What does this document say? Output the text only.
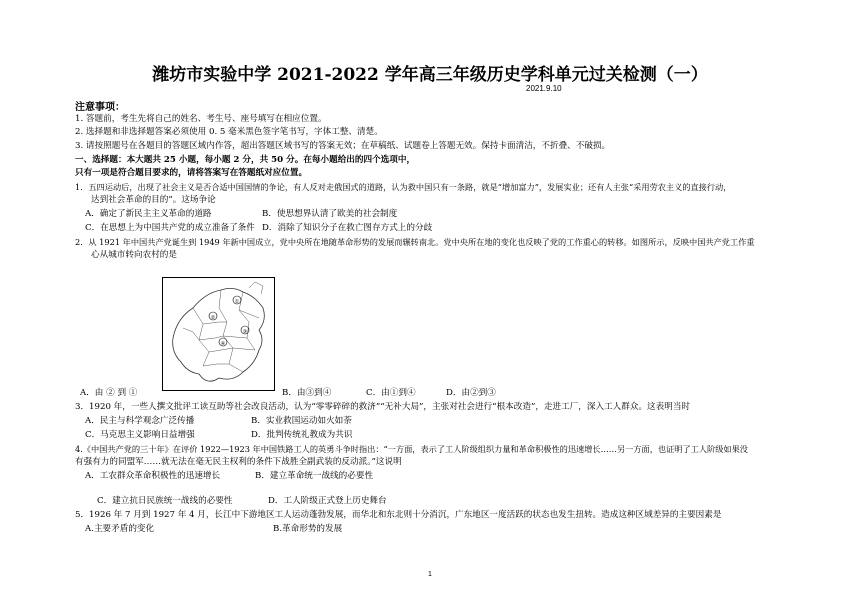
潍坊市实验中学 2021-2022 学年高三年级历史学科单元过关检测（一）
2021.9.10
注意事项：
1. 答题前，考生先将自己的姓名、考生号、座号填写在相应位置。
2. 选择题和非选择题答案必须使用 0. 5 毫米黑色签字笔书写，字体工整、清楚。
3. 请按照题号在各题目的答题区域内作答，超出答题区域书写的答案无效；在草稿纸、试题卷上答题无效。保持卡面清洁，不折叠、不破损。
一、选择题：本大题共 25 小题，每小题 2 分，共 50 分。在每小题给出的四个选项中，
只有一项是符合题目要求的，请将答案写在答题纸对应位置。
1．五四运动后，出现了社会主义是否合适中国国情的争论，有人反对走俄国式的道路，认为救中国只有一条路，就是“增加富力”，发展实业；还有人主张“采用劳农主义的直接行动，
达到社会革命的目的”。这场争论
A．确定了新民主主义革命的道路	B．使思想界认清了欧美的社会制度
C．在思想上为中国共产党的成立准备了条件 D．消除了知识分子在救亡图存方式上的分歧
2．从 1921 年中国共产党诞生到 1949 年新中国成立，党中央所在地随革命形势的发展而辗转南北。党中央所在地的变化也反映了党的工作重心的转移。如图所示，反映中国共产党工作重
心从城市转向农村的是
①
②
③
④
A．由 ② 到 ①	B．由③到④	C．由①到④	D．由②到③
3．1920 年，一些人撰文批评工读互助等社会改良活动，认为“零零碎碎的救济”“无补大局”，主张对社会进行“根本改造”，走进工厂，深入工人群众。这表明当时
A．民主与科学观念广泛传播	B．实业救国运动如火如荼
C．马克思主义影响日益增强	D．批判传统礼教成为共识
4.《中国共产党的三十年》在评价 1922—1923 年中国铁路工人的英勇斗争时指出：“一方面，表示了工人阶级组织力量和革命积极性的迅速增长……另一方面，也证明了工人阶级如果没
有强有力的同盟军……就无法在毫无民主权利的条件下战胜全副武装的反动派。”这说明
A．工农群众革命积极性的迅速增长	B．建立革命统一战线的必要性
C．建立抗日民族统一战线的必要性	D．工人阶级正式登上历史舞台
5．1926 年 7 月到 1927 年 4 月，长江中下游地区工人运动蓬勃发展，而华北和东北则十分消沉，广东地区一度活跃的状态也发生扭转。造成这种区域差异的主要因素是
A.主要矛盾的变化	B.革命形势的发展
1
